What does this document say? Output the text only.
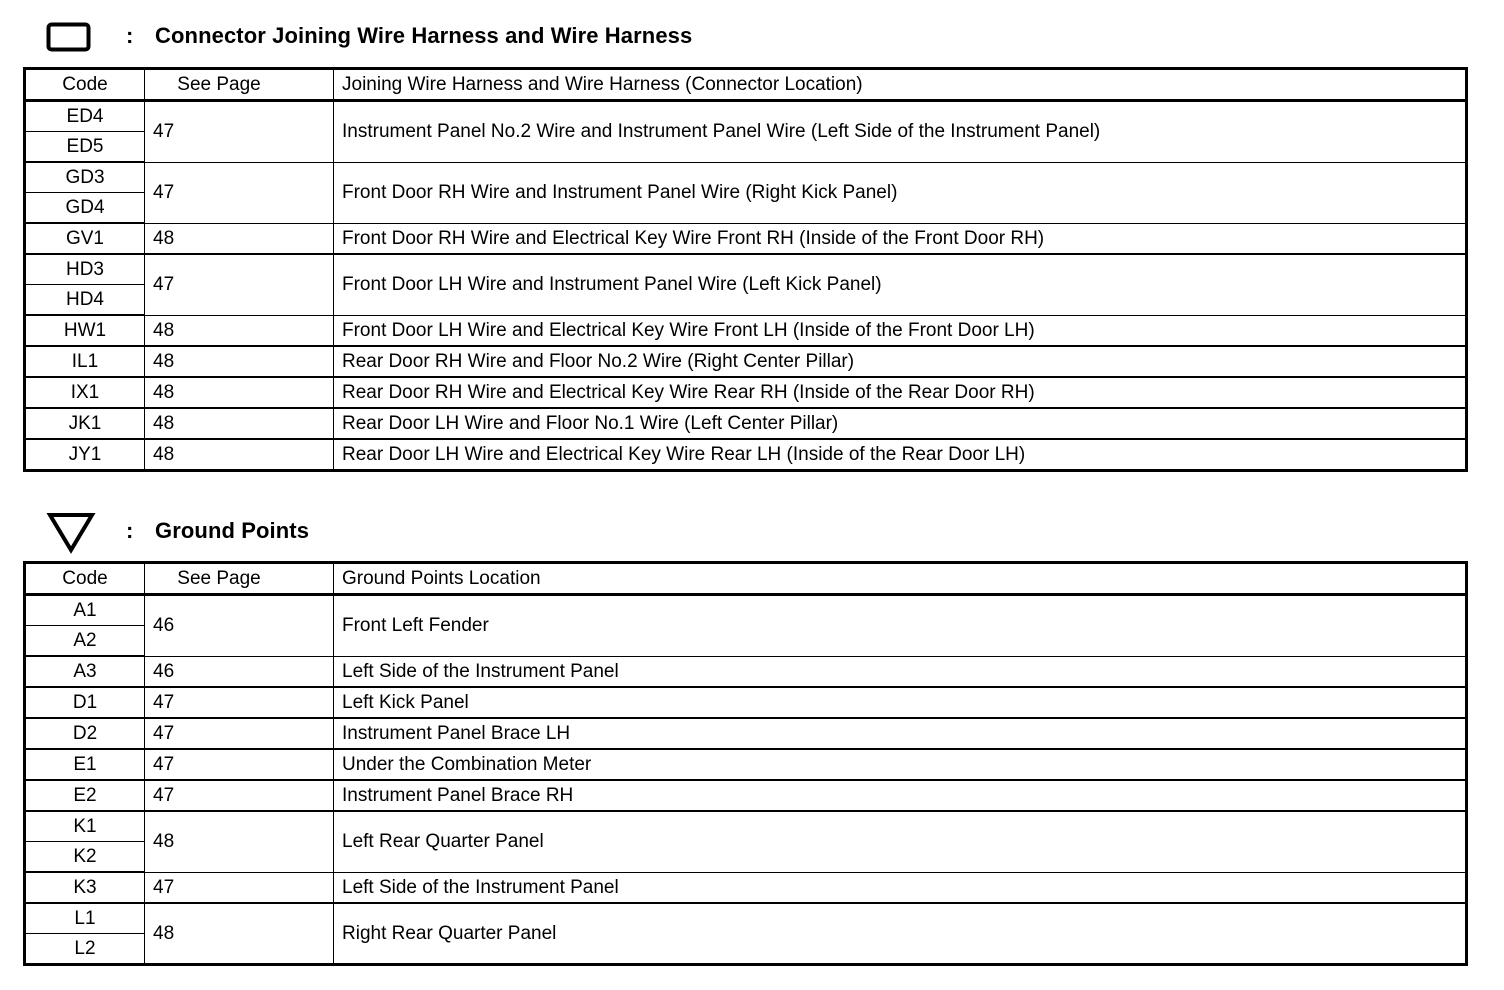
: Connector Joining Wire Harness and Wire Harness
Code	See Page	Joining Wire Harness and Wire Harness (Connector Location)
ED4	47	Instrument Panel No.2 Wire and Instrument Panel Wire (Left Side of the Instrument Panel)
ED5		
GD3	47	Front Door RH Wire and Instrument Panel Wire (Right Kick Panel)
GD4		
GV1	48	Front Door RH Wire and Electrical Key Wire Front RH (Inside of the Front Door RH)
HD3	47	Front Door LH Wire and Instrument Panel Wire (Left Kick Panel)
HD4		
HW1	48	Front Door LH Wire and Electrical Key Wire Front LH (Inside of the Front Door LH)
IL1	48	Rear Door RH Wire and Floor No.2 Wire (Right Center Pillar)
IX1	48	Rear Door RH Wire and Electrical Key Wire Rear RH (Inside of the Rear Door RH)
JK1	48	Rear Door LH Wire and Floor No.1 Wire (Left Center Pillar)
JY1	48	Rear Door LH Wire and Electrical Key Wire Rear LH (Inside of the Rear Door LH)
: Ground Points
Code	See Page	Ground Points Location
A1	46	Front Left Fender
A2		
A3	46	Left Side of the Instrument Panel
D1	47	Left Kick Panel
D2	47	Instrument Panel Brace LH
E1	47	Under the Combination Meter
E2	47	Instrument Panel Brace RH
K1	48	Left Rear Quarter Panel
K2		
K3	47	Left Side of the Instrument Panel
L1	48	Right Rear Quarter Panel
L2		
